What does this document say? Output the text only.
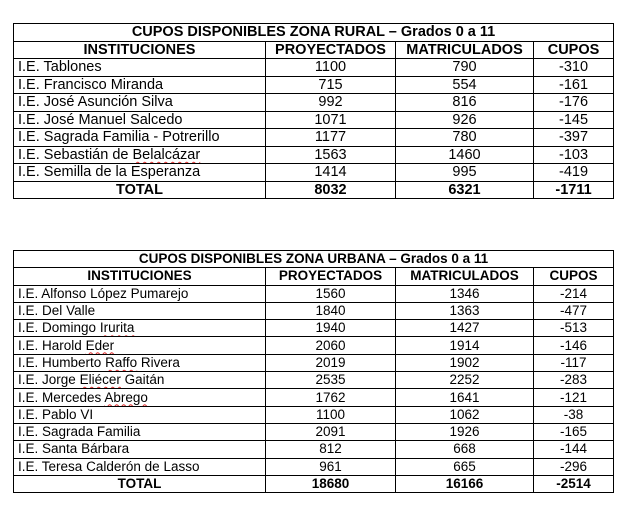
CUPOS DISPONIBLES ZONA RURAL – Grados 0 a 11			
INSTITUCIONES	PROYECTADOS	MATRICULADOS	CUPOS
I.E. Tablones	1100	790	-310
I.E. Francisco Miranda	715	554	-161
I.E. José Asunción Silva	992	816	-176
I.E. José Manuel Salcedo	1071	926	-145
I.E. Sagrada Familia - Potrerillo	1177	780	-397
I.E. Sebastián de Belalcázar	1563	1460	-103
I.E. Semilla de la Esperanza	1414	995	-419
TOTAL	8032	6321	-1711
CUPOS DISPONIBLES ZONA URBANA – Grados 0 a 11			
INSTITUCIONES	PROYECTADOS	MATRICULADOS	CUPOS
I.E. Alfonso López Pumarejo	1560	1346	-214
I.E. Del Valle	1840	1363	-477
I.E. Domingo Irurita	1940	1427	-513
I.E. Harold Eder	2060	1914	-146
I.E. Humberto Raffo Rivera	2019	1902	-117
I.E. Jorge Eliécer Gaitán	2535	2252	-283
I.E. Mercedes Abrego	1762	1641	-121
I.E. Pablo VI	1100	1062	-38
I.E. Sagrada Familia	2091	1926	-165
I.E. Santa Bárbara	812	668	-144
I.E. Teresa Calderón de Lasso	961	665	-296
TOTAL	18680	16166	-2514
